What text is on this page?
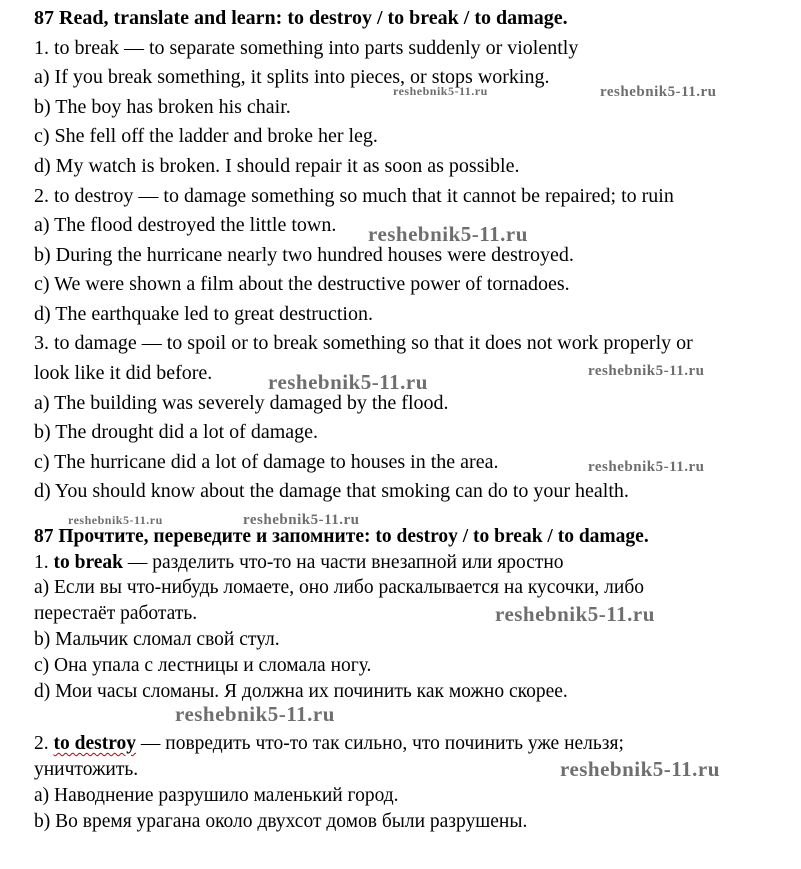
87 Read, translate and learn: to destroy / to break / to damage.

1. to break — to separate something into parts suddenly or violently

a) If you break something, it splits into pieces, or stops working.

b) The boy has broken his chair.

c) She fell off the ladder and broke her leg.

d) My watch is broken. I should repair it as soon as possible.

2. to destroy — to damage something so much that it cannot be repaired; to ruin

a) The flood destroyed the little town.

b) During the hurricane nearly two hundred houses were destroyed.

c) We were shown a film about the destructive power of tornadoes.

d) The earthquake led to great destruction.

3. to damage — to spoil or to break something so that it does not work properly or

look like it did before.

a) The building was severely damaged by the flood.

b) The drought did a lot of damage.

c) The hurricane did a lot of damage to houses in the area.

d) You should know about the damage that smoking can do to your health.

87 Прочтите, переведите и запомните: to destroy / to break / to damage.

1. to break — разделить что-то на части внезапной или яростно

a) Если вы что-нибудь ломаете, оно либо раскалывается на кусочки, либо

перестаёт работать.

b) Мальчик сломал свой стул.

c) Она упала с лестницы и сломала ногу.

d) Мои часы сломаны. Я должна их починить как можно скорее.

2. to destroy — повредить что-то так сильно, что починить уже нельзя;

уничтожить.

a) Наводнение разрушило маленький город.

b) Во время урагана около двухсот домов были разрушены.

reshebnik5-11.ru	reshebnik5-11.ru
reshebnik5-11.ru
reshebnik5-11.ru	reshebnik5-11.ru
reshebnik5-11.ru
reshebnik5-11.ru	reshebnik5-11.ru
reshebnik5-11.ru
reshebnik5-11.ru
reshebnik5-11.ru
